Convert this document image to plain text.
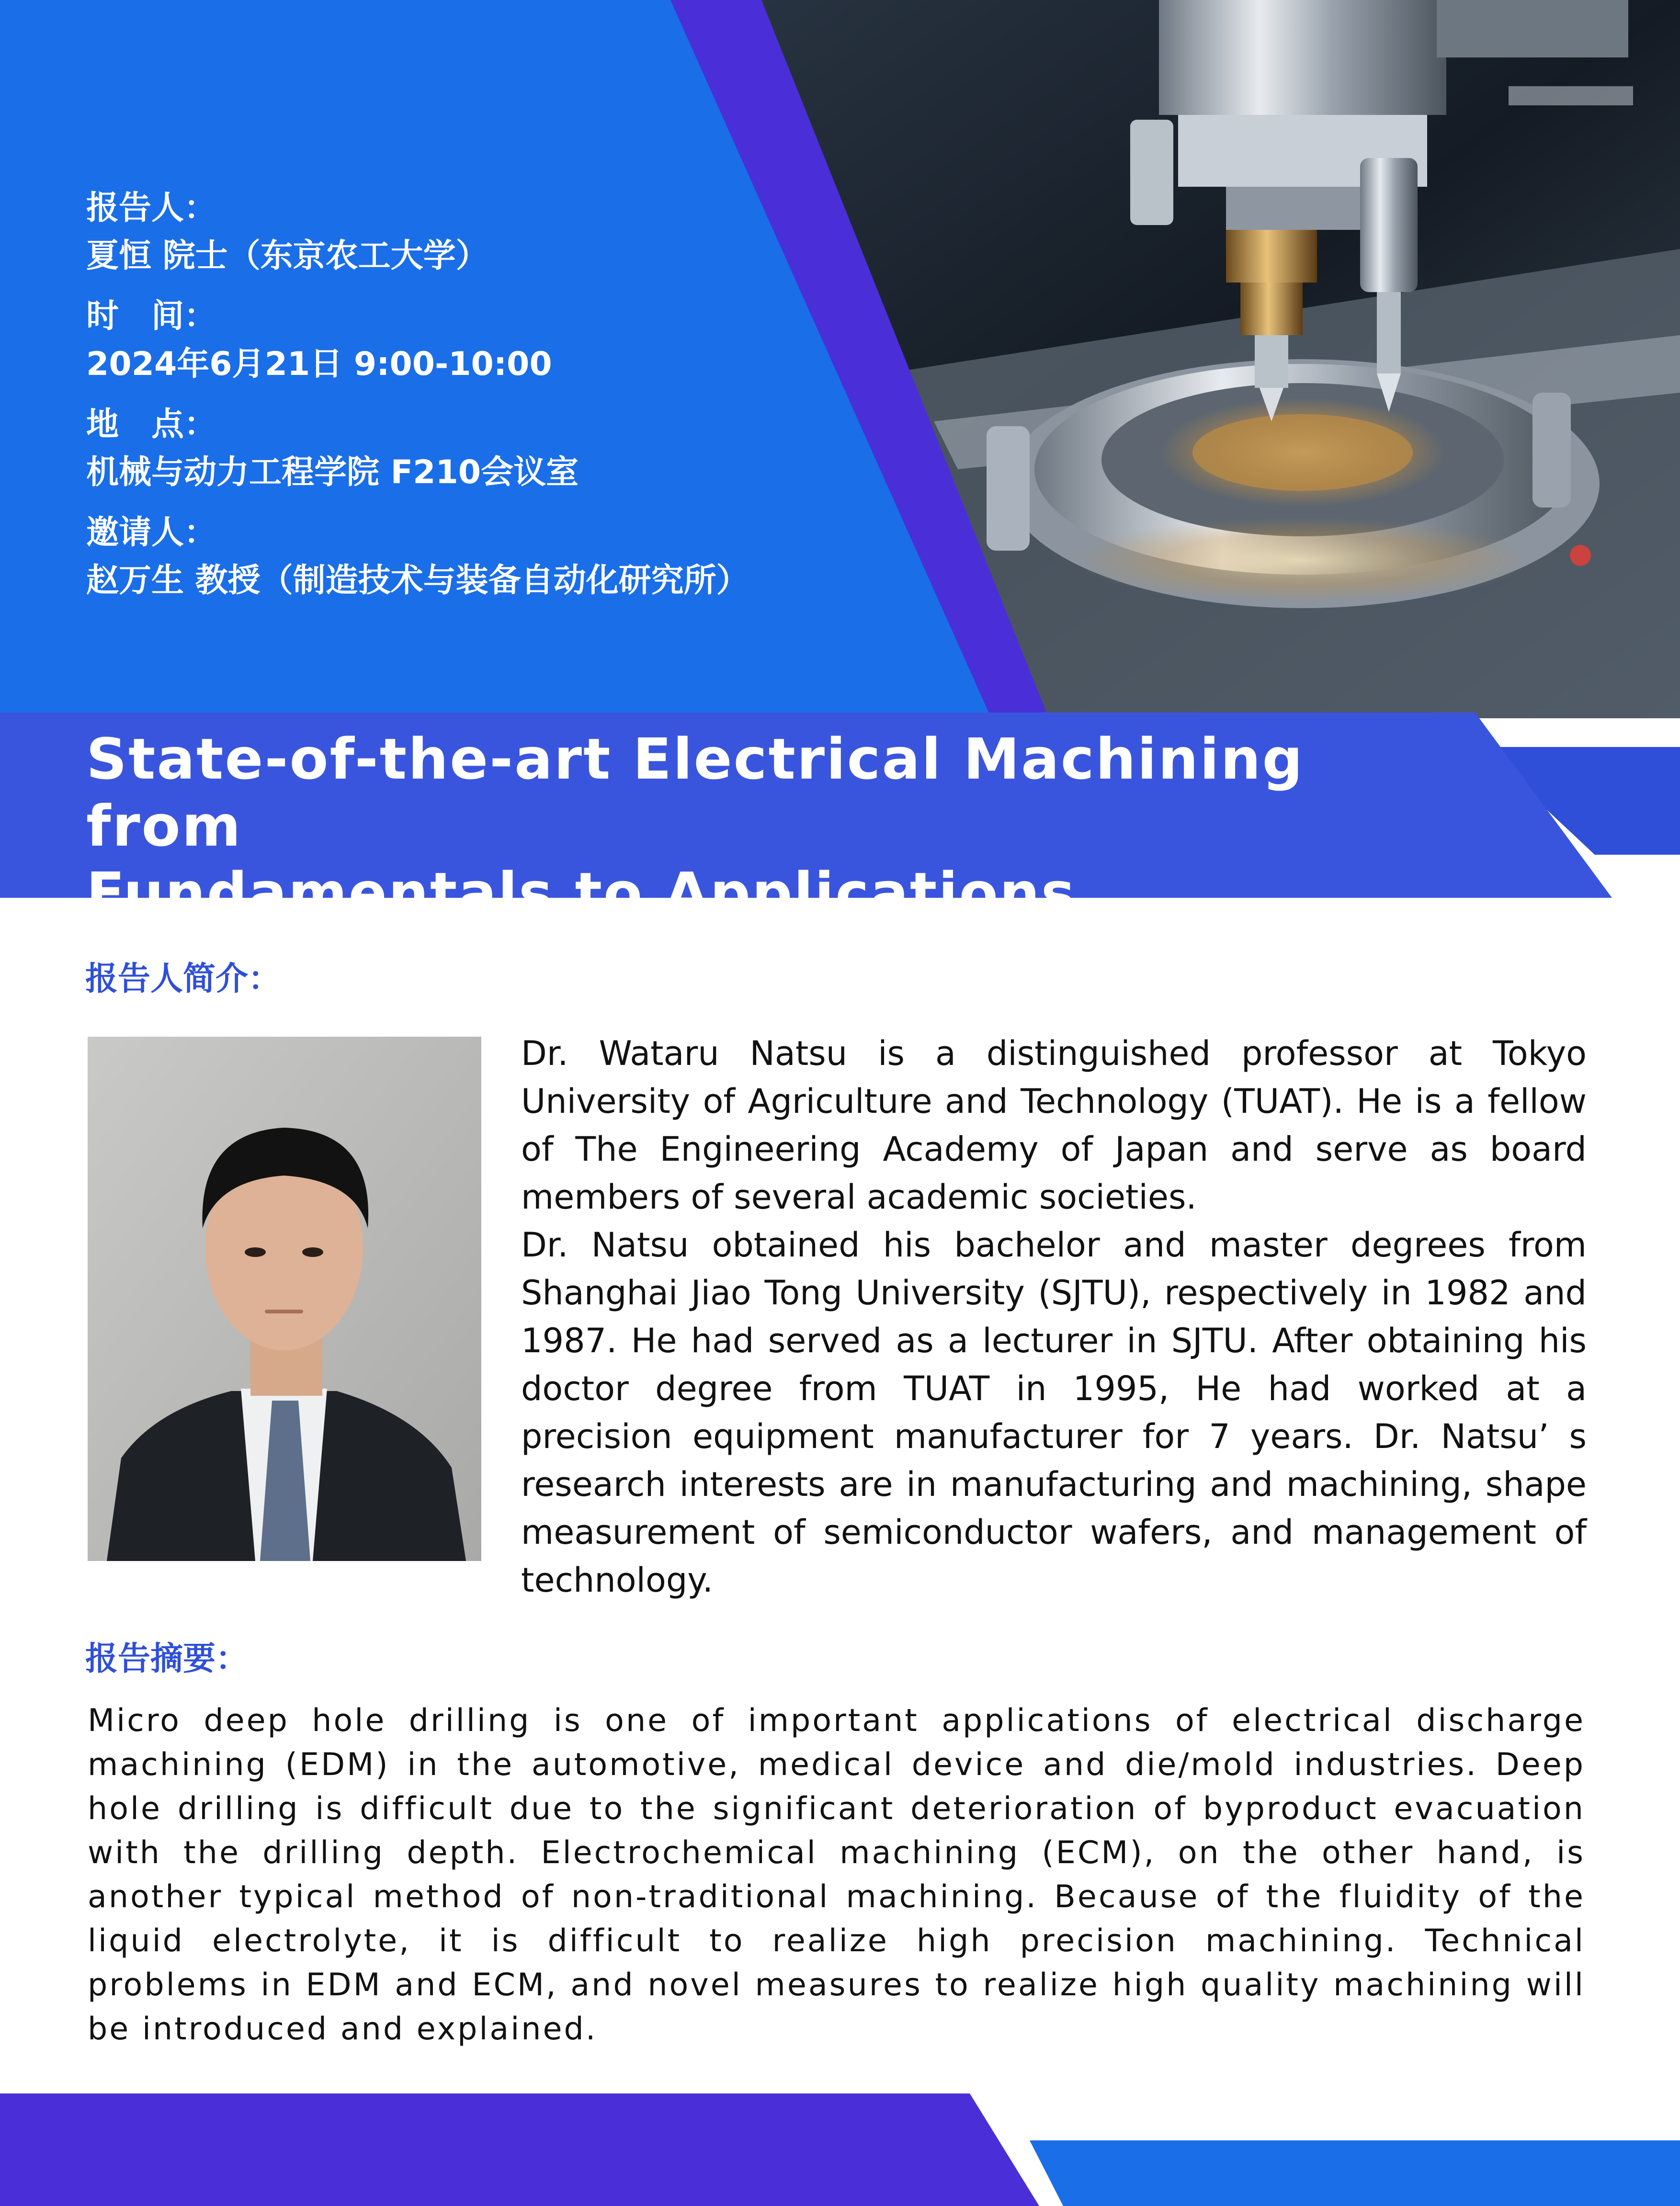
报告人：
夏恒 院士（东京农工大学）
时　间：
2024年6月21日 9:00-10:00
地　点：
机械与动力工程学院 F210会议室
邀请人：
赵万生 教授（制造技术与装备自动化研究所）
State-of-the-art Electrical Machining from
Fundamentals to Applications
报告人简介：

Dr. Wataru Natsu is a distinguished professor at Tokyo University of Agriculture and Technology (TUAT). He is a fellow of The Engineering Academy of Japan and serve as board members of several academic societies.

Dr. Natsu obtained his bachelor and master degrees from Shanghai Jiao Tong University (SJTU), respectively in 1982 and 1987. He had served as a lecturer in SJTU. After obtaining his doctor degree from TUAT in 1995, He had worked at a precision equipment manufacturer for 7 years. Dr. Natsu’ s research interests are in manufacturing and machining, shape measurement of semiconductor wafers, and management of technology.

报告摘要：

Micro deep hole drilling is one of important applications of electrical discharge machining (EDM) in the automotive, medical device and die/mold industries. Deep hole drilling is difficult due to the significant deterioration of byproduct evacuation with the drilling depth. Electrochemical machining (ECM), on the other hand, is another typical method of non-traditional machining. Because of the fluidity of the liquid electrolyte, it is difficult to realize high precision machining. Technical problems in EDM and ECM, and novel measures to realize high quality machining will be introduced and explained.
